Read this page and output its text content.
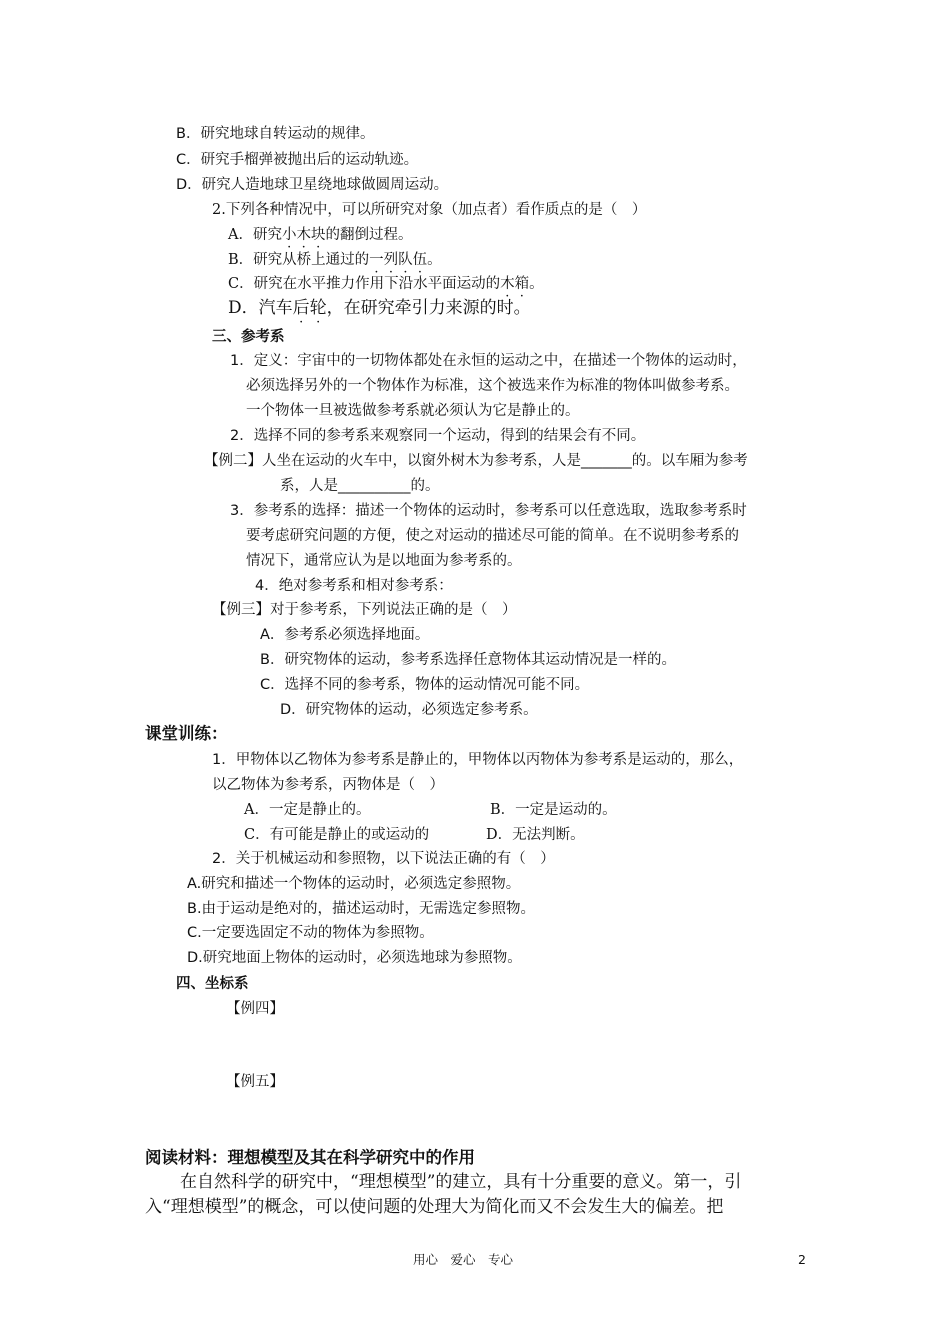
B．研究地球自转运动的规律。
C．研究手榴弹被抛出后的运动轨迹。
D．研究人造地球卫星绕地球做圆周运动。
2.下列各种情况中，可以所研究对象（加点者）看作质点的是（　）
A．研究小木块的翻倒过程。
B．研究从桥上通过的一列队伍。
C．研究在水平推力作用下沿水平面运动的木箱。
D．汽车后轮，在研究牵引力来源的时。
三、参考系
1．定义：宇宙中的一切物体都处在永恒的运动之中，在描述一个物体的运动时，
必须选择另外的一个物体作为标准，这个被选来作为标准的物体叫做参考系。
一个物体一旦被选做参考系就必须认为它是静止的。
2．选择不同的参考系来观察同一个运动，得到的结果会有不同。
【例二】人坐在运动的火车中，以窗外树木为参考系，人是_______的。以车厢为参考
系，人是__________的。
3．参考系的选择：描述一个物体的运动时，参考系可以任意选取，选取参考系时
要考虑研究问题的方便，使之对运动的描述尽可能的简单。在不说明参考系的
情况下，通常应认为是以地面为参考系的。
4．绝对参考系和相对参考系：
【例三】对于参考系，下列说法正确的是（　）
A．参考系必须选择地面。
B．研究物体的运动，参考系选择任意物体其运动情况是一样的。
C．选择不同的参考系，物体的运动情况可能不同。
D．研究物体的运动，必须选定参考系。
课堂训练：
1．甲物体以乙物体为参考系是静止的，甲物体以丙物体为参考系是运动的，那么，
以乙物体为参考系，丙物体是（　）
A．一定是静止的。	B．一定是运动的。
C．有可能是静止的或运动的	D．无法判断。
2．关于机械运动和参照物，以下说法正确的有（　）
A.研究和描述一个物体的运动时，必须选定参照物。
B.由于运动是绝对的，描述运动时，无需选定参照物。
C.一定要选固定不动的物体为参照物。
D.研究地面上物体的运动时，必须选地球为参照物。
四、坐标系
【例四】
【例五】
阅读材料：理想模型及其在科学研究中的作用
在自然科学的研究中，“理想模型”的建立，具有十分重要的意义。第一，引
入“理想模型”的概念，可以使问题的处理大为简化而又不会发生大的偏差。把
用心　爱心　专心	2
